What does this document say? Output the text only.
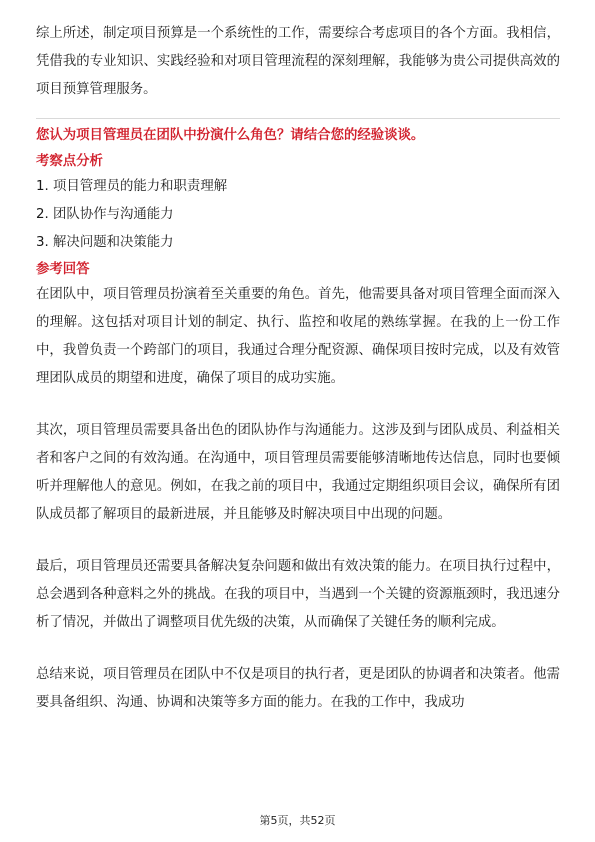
综上所述，制定项目预算是一个系统性的工作，需要综合考虑项目的各个方面。我相信，凭借我的专业知识、实践经验和对项目管理流程的深刻理解，我能够为贵公司提供高效的项目预算管理服务。

您认为项目管理员在团队中扮演什么角色？请结合您的经验谈谈。

考察点分析

1. 项目管理员的能力和职责理解

2. 团队协作与沟通能力

3. 解决问题和决策能力

参考回答

在团队中，项目管理员扮演着至关重要的角色。首先，他需要具备对项目管理全面而深入的理解。这包括对项目计划的制定、执行、监控和收尾的熟练掌握。在我的上一份工作中，我曾负责一个跨部门的项目，我通过合理分配资源、确保项目按时完成，以及有效管理团队成员的期望和进度，确保了项目的成功实施。

其次，项目管理员需要具备出色的团队协作与沟通能力。这涉及到与团队成员、利益相关者和客户之间的有效沟通。在沟通中，项目管理员需要能够清晰地传达信息，同时也要倾听并理解他人的意见。例如，在我之前的项目中，我通过定期组织项目会议，确保所有团队成员都了解项目的最新进展，并且能够及时解决项目中出现的问题。

最后，项目管理员还需要具备解决复杂问题和做出有效决策的能力。在项目执行过程中，总会遇到各种意料之外的挑战。在我的项目中，当遇到一个关键的资源瓶颈时，我迅速分析了情况，并做出了调整项目优先级的决策，从而确保了关键任务的顺利完成。

总结来说，项目管理员在团队中不仅是项目的执行者，更是团队的协调者和决策者。他需要具备组织、沟通、协调和决策等多方面的能力。在我的工作中，我成功

第5页，共52页
